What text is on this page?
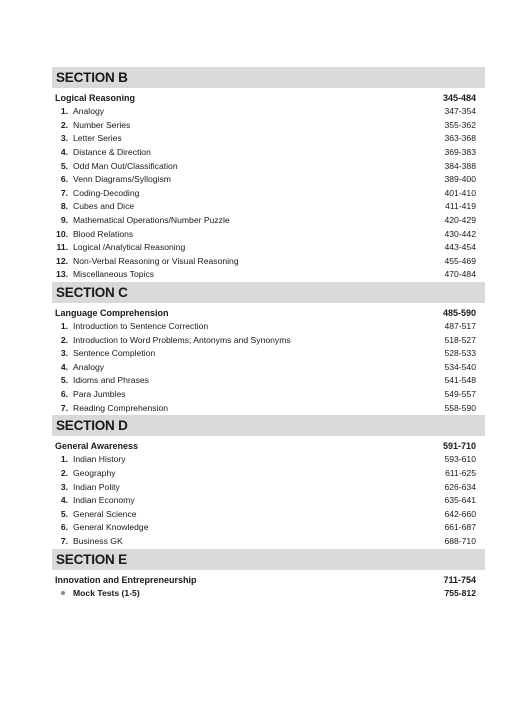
SECTION B
Logical Reasoning	345-484
1. Analogy	347-354
2. Number Series	355-362
3. Letter Series	363-368
4. Distance & Direction	369-383
5. Odd Man Out/Classification	384-388
6. Venn Diagrams/Syllogism	389-400
7. Coding-Decoding	401-410
8. Cubes and Dice	411-419
9. Mathematical Operations/Number Puzzle	420-429
10. Blood Relations	430-442
11. Logical /Analytical Reasoning	443-454
12. Non-Verbal Reasoning or Visual Reasoning	455-469
13. Miscellaneous Topics	470-484
SECTION C
Language Comprehension	485-590
1. Introduction to Sentence Correction	487-517
2. Introduction to Word Problems; Antonyms and Synonyms	518-527
3. Sentence Completion	528-533
4. Analogy	534-540
5. Idioms and Phrases	541-548
6. Para Jumbles	549-557
7. Reading Comprehension	558-590
SECTION D
General Awareness	591-710
1. Indian History	593-610
2. Geography	611-625
3. Indian Polity	626-634
4. Indian Economy	635-641
5. General Science	642-660
6. General Knowledge	661-687
7. Business GK	688-710
SECTION E
Innovation and Entrepreneurship	711-754
Mock Tests (1-5)	755-812
